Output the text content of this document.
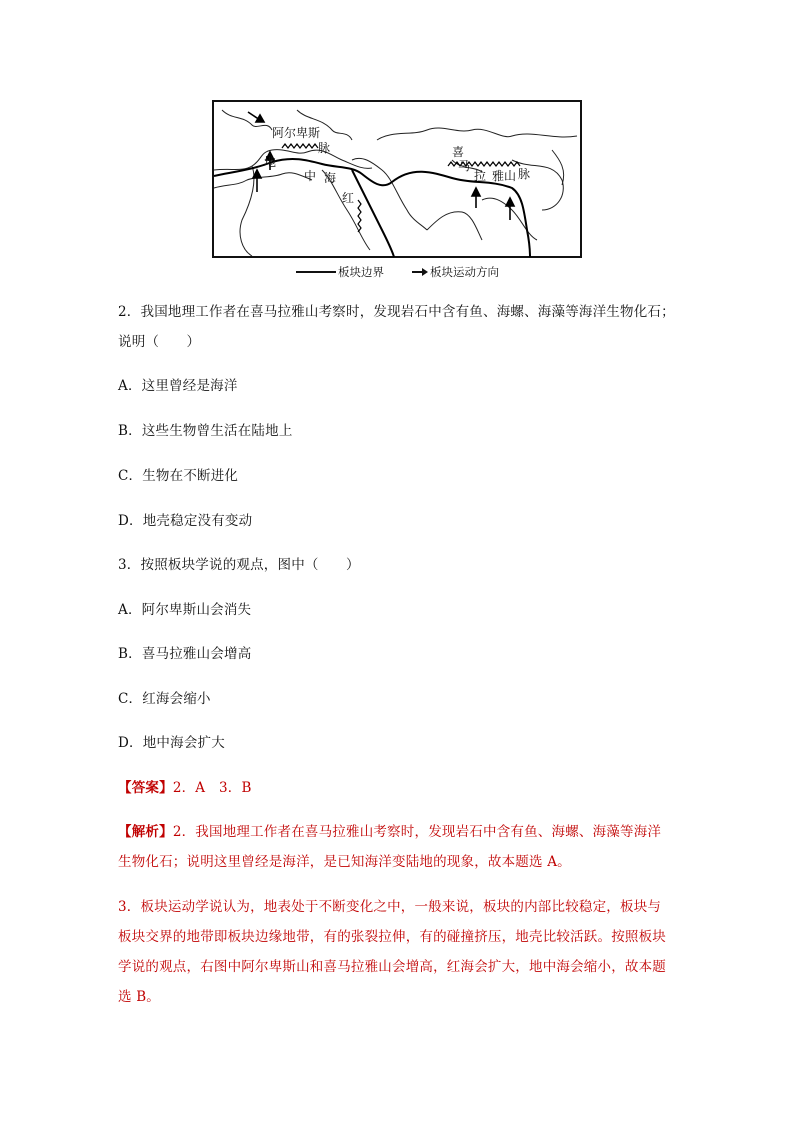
阿尔卑斯
脉
地
中 海
红
喜
马
拉 雅山 脉
板块边界	板块运动方向
2．我国地理工作者在喜马拉雅山考察时，发现岩石中含有鱼、海螺、海藻等海洋生物化石；
说明（　　）
A．这里曾经是海洋
B．这些生物曾生活在陆地上
C．生物在不断进化
D．地壳稳定没有变动
3．按照板块学说的观点，图中（　　）
A．阿尔卑斯山会消失
B．喜马拉雅山会增高
C．红海会缩小
D．地中海会扩大
【答案】2．A　3．B
【解析】2．我国地理工作者在喜马拉雅山考察时，发现岩石中含有鱼、海螺、海藻等海洋
生物化石；说明这里曾经是海洋，是已知海洋变陆地的现象，故本题选 A。
3．板块运动学说认为，地表处于不断变化之中，一般来说，板块的内部比较稳定，板块与
板块交界的地带即板块边缘地带，有的张裂拉伸，有的碰撞挤压，地壳比较活跃。按照板块
学说的观点，右图中阿尔卑斯山和喜马拉雅山会增高，红海会扩大，地中海会缩小，故本题
选 B。
